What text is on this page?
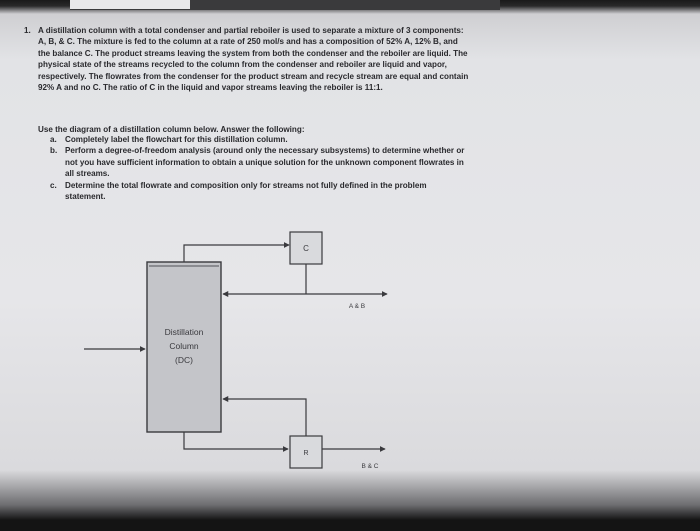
1. A distillation column with a total condenser and partial reboiler is used to separate a mixture of 3 components:
A, B, & C. The mixture is fed to the column at a rate of 250 mol/s and has a composition of 52% A, 12% B, and
the balance C. The product streams leaving the system from both the condenser and the reboiler are liquid. The
physical state of the streams recycled to the column from the condenser and reboiler are liquid and vapor,
respectively. The flowrates from the condenser for the product stream and recycle stream are equal and contain
92% A and no C. The ratio of C in the liquid and vapor streams leaving the reboiler is 11:1.
Use the diagram of a distillation column below. Answer the following:
a. Completely label the flowchart for this distillation column.
b. Perform a degree-of-freedom analysis (around only the necessary subsystems) to determine whether or
not you have sufficient information to obtain a unique solution for the unknown component flowrates in
all streams.
c. Determine the total flowrate and composition only for streams not fully defined in the problem
statement.
Distillation
Column
(DC)
C
A & B
R
B & C
